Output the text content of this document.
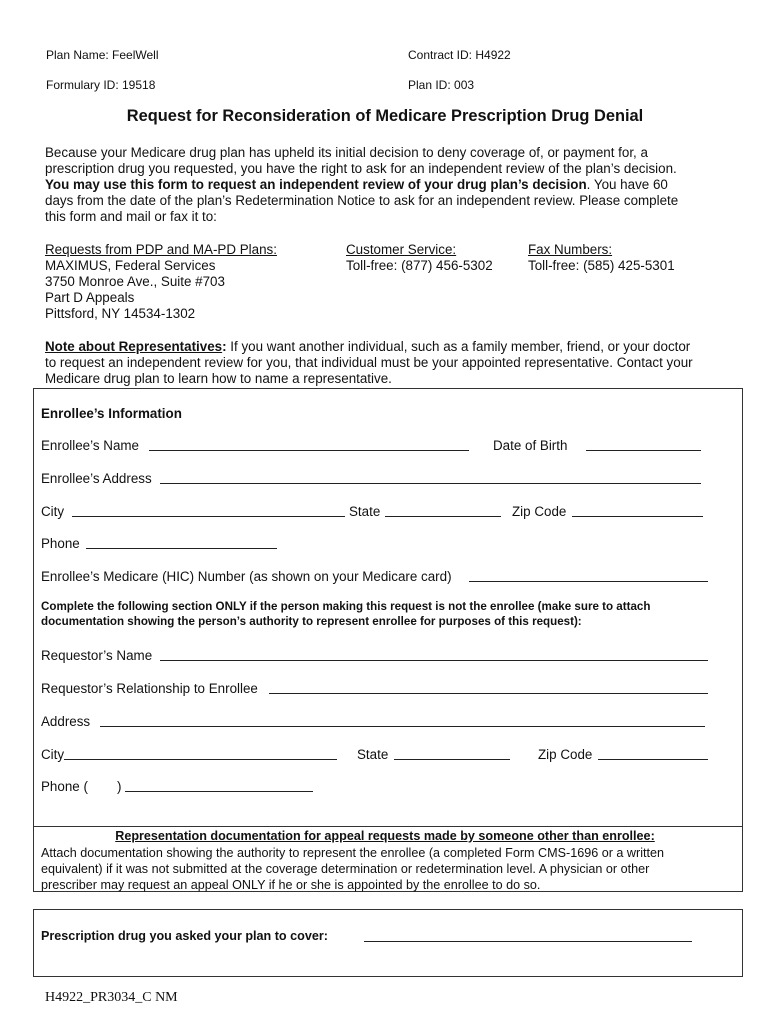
Plan Name: FeelWell	Contract ID: H4922
Formulary ID: 19518	Plan ID: 003
Request for Reconsideration of Medicare Prescription Drug Denial
Because your Medicare drug plan has upheld its initial decision to deny coverage of, or payment for, a
prescription drug you requested, you have the right to ask for an independent review of the plan’s decision.
You may use this form to request an independent review of your drug plan’s decision. You have 60
days from the date of the plan’s Redetermination Notice to ask for an independent review. Please complete
this form and mail or fax it to:
Requests from PDP and MA-PD Plans:
MAXIMUS, Federal Services
3750 Monroe Ave., Suite #703
Part D Appeals
Pittsford, NY 14534-1302
Customer Service:
Toll-free: (877) 456-5302
Fax Numbers:
Toll-free: (585) 425-5301
Note about Representatives: If you want another individual, such as a family member, friend, or your doctor
to request an independent review for you, that individual must be your appointed representative. Contact your
Medicare drug plan to learn how to name a representative.
Enrollee’s Information
Enrollee’s Name	Date of Birth
Enrollee’s Address
City	State	Zip Code
Phone
Enrollee’s Medicare (HIC) Number (as shown on your Medicare card)
Complete the following section ONLY if the person making this request is not the enrollee (make sure to attach
documentation showing the person’s authority to represent enrollee for purposes of this request):
Requestor’s Name
Requestor’s Relationship to Enrollee
Address
City	State	Zip Code
Phone ( )
Representation documentation for appeal requests made by someone other than enrollee:
Attach documentation showing the authority to represent the enrollee (a completed Form CMS-1696 or a written
equivalent) if it was not submitted at the coverage determination or redetermination level. A physician or other
prescriber may request an appeal ONLY if he or she is appointed by the enrollee to do so.
Prescription drug you asked your plan to cover:
H4922_PR3034_C NM
